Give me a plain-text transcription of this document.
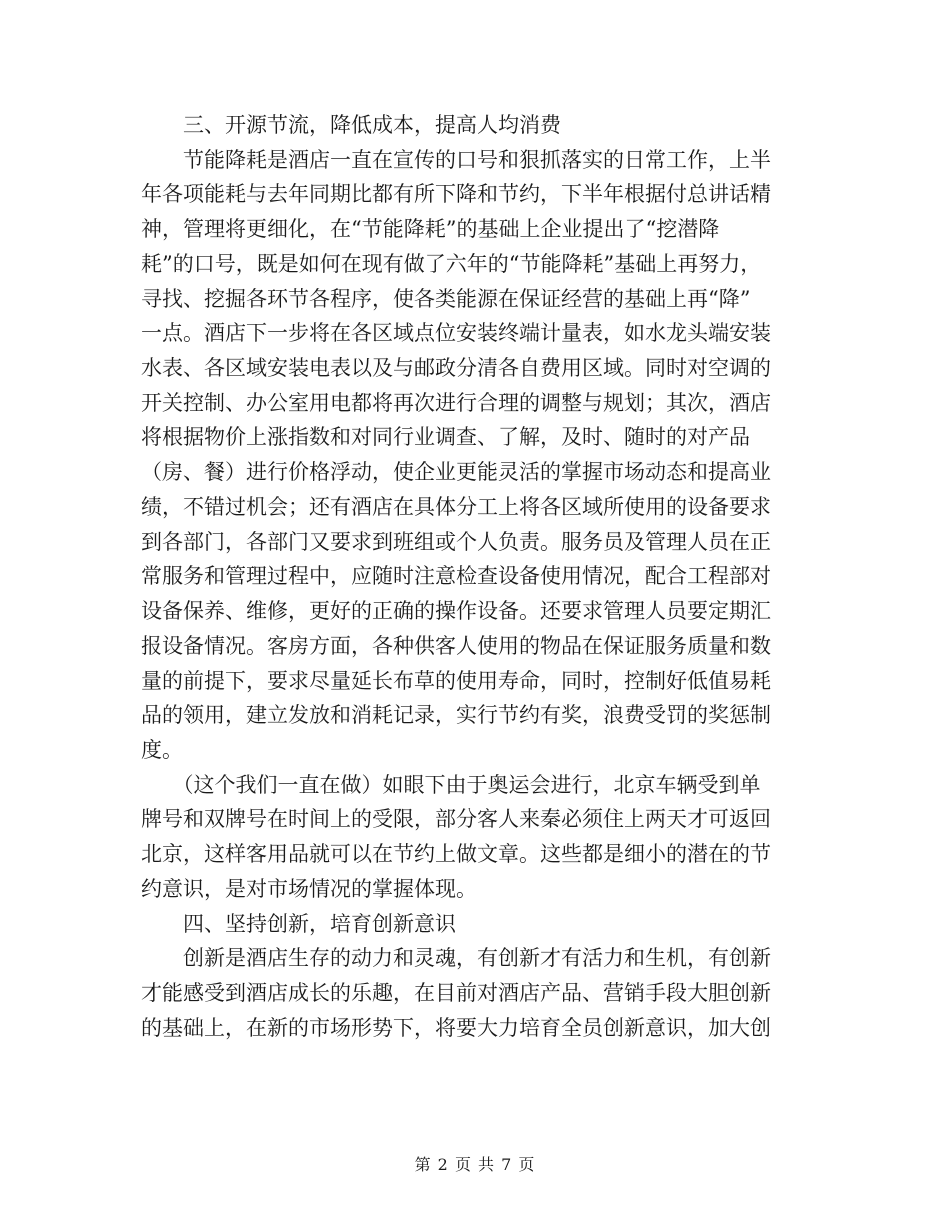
　　三、开源节流，降低成本，提高人均消费
　　节能降耗是酒店一直在宣传的口号和狠抓落实的日常工作，上半
年各项能耗与去年同期比都有所下降和节约，下半年根据付总讲话精
神，管理将更细化，在“节能降耗”的基础上企业提出了“挖潜降
耗”的口号，既是如何在现有做了六年的“节能降耗”基础上再努力，
寻找、挖掘各环节各程序，使各类能源在保证经营的基础上再“降”
一点。酒店下一步将在各区域点位安装终端计量表，如水龙头端安装
水表、各区域安装电表以及与邮政分清各自费用区域。同时对空调的
开关控制、办公室用电都将再次进行合理的调整与规划；其次，酒店
将根据物价上涨指数和对同行业调查、了解，及时、随时的对产品
（房、餐）进行价格浮动，使企业更能灵活的掌握市场动态和提高业
绩，不错过机会；还有酒店在具体分工上将各区域所使用的设备要求
到各部门，各部门又要求到班组或个人负责。服务员及管理人员在正
常服务和管理过程中，应随时注意检查设备使用情况，配合工程部对
设备保养、维修，更好的正确的操作设备。还要求管理人员要定期汇
报设备情况。客房方面，各种供客人使用的物品在保证服务质量和数
量的前提下，要求尽量延长布草的使用寿命，同时，控制好低值易耗
品的领用，建立发放和消耗记录，实行节约有奖，浪费受罚的奖惩制
度。
　　（这个我们一直在做）如眼下由于奥运会进行，北京车辆受到单
牌号和双牌号在时间上的受限，部分客人来秦必须住上两天才可返回
北京，这样客用品就可以在节约上做文章。这些都是细小的潜在的节
约意识，是对市场情况的掌握体现。
　　四、坚持创新，培育创新意识
　　创新是酒店生存的动力和灵魂，有创新才有活力和生机，有创新
才能感受到酒店成长的乐趣，在目前对酒店产品、营销手段大胆创新
的基础上，在新的市场形势下，将要大力培育全员创新意识，加大创
第 2 页 共 7 页
